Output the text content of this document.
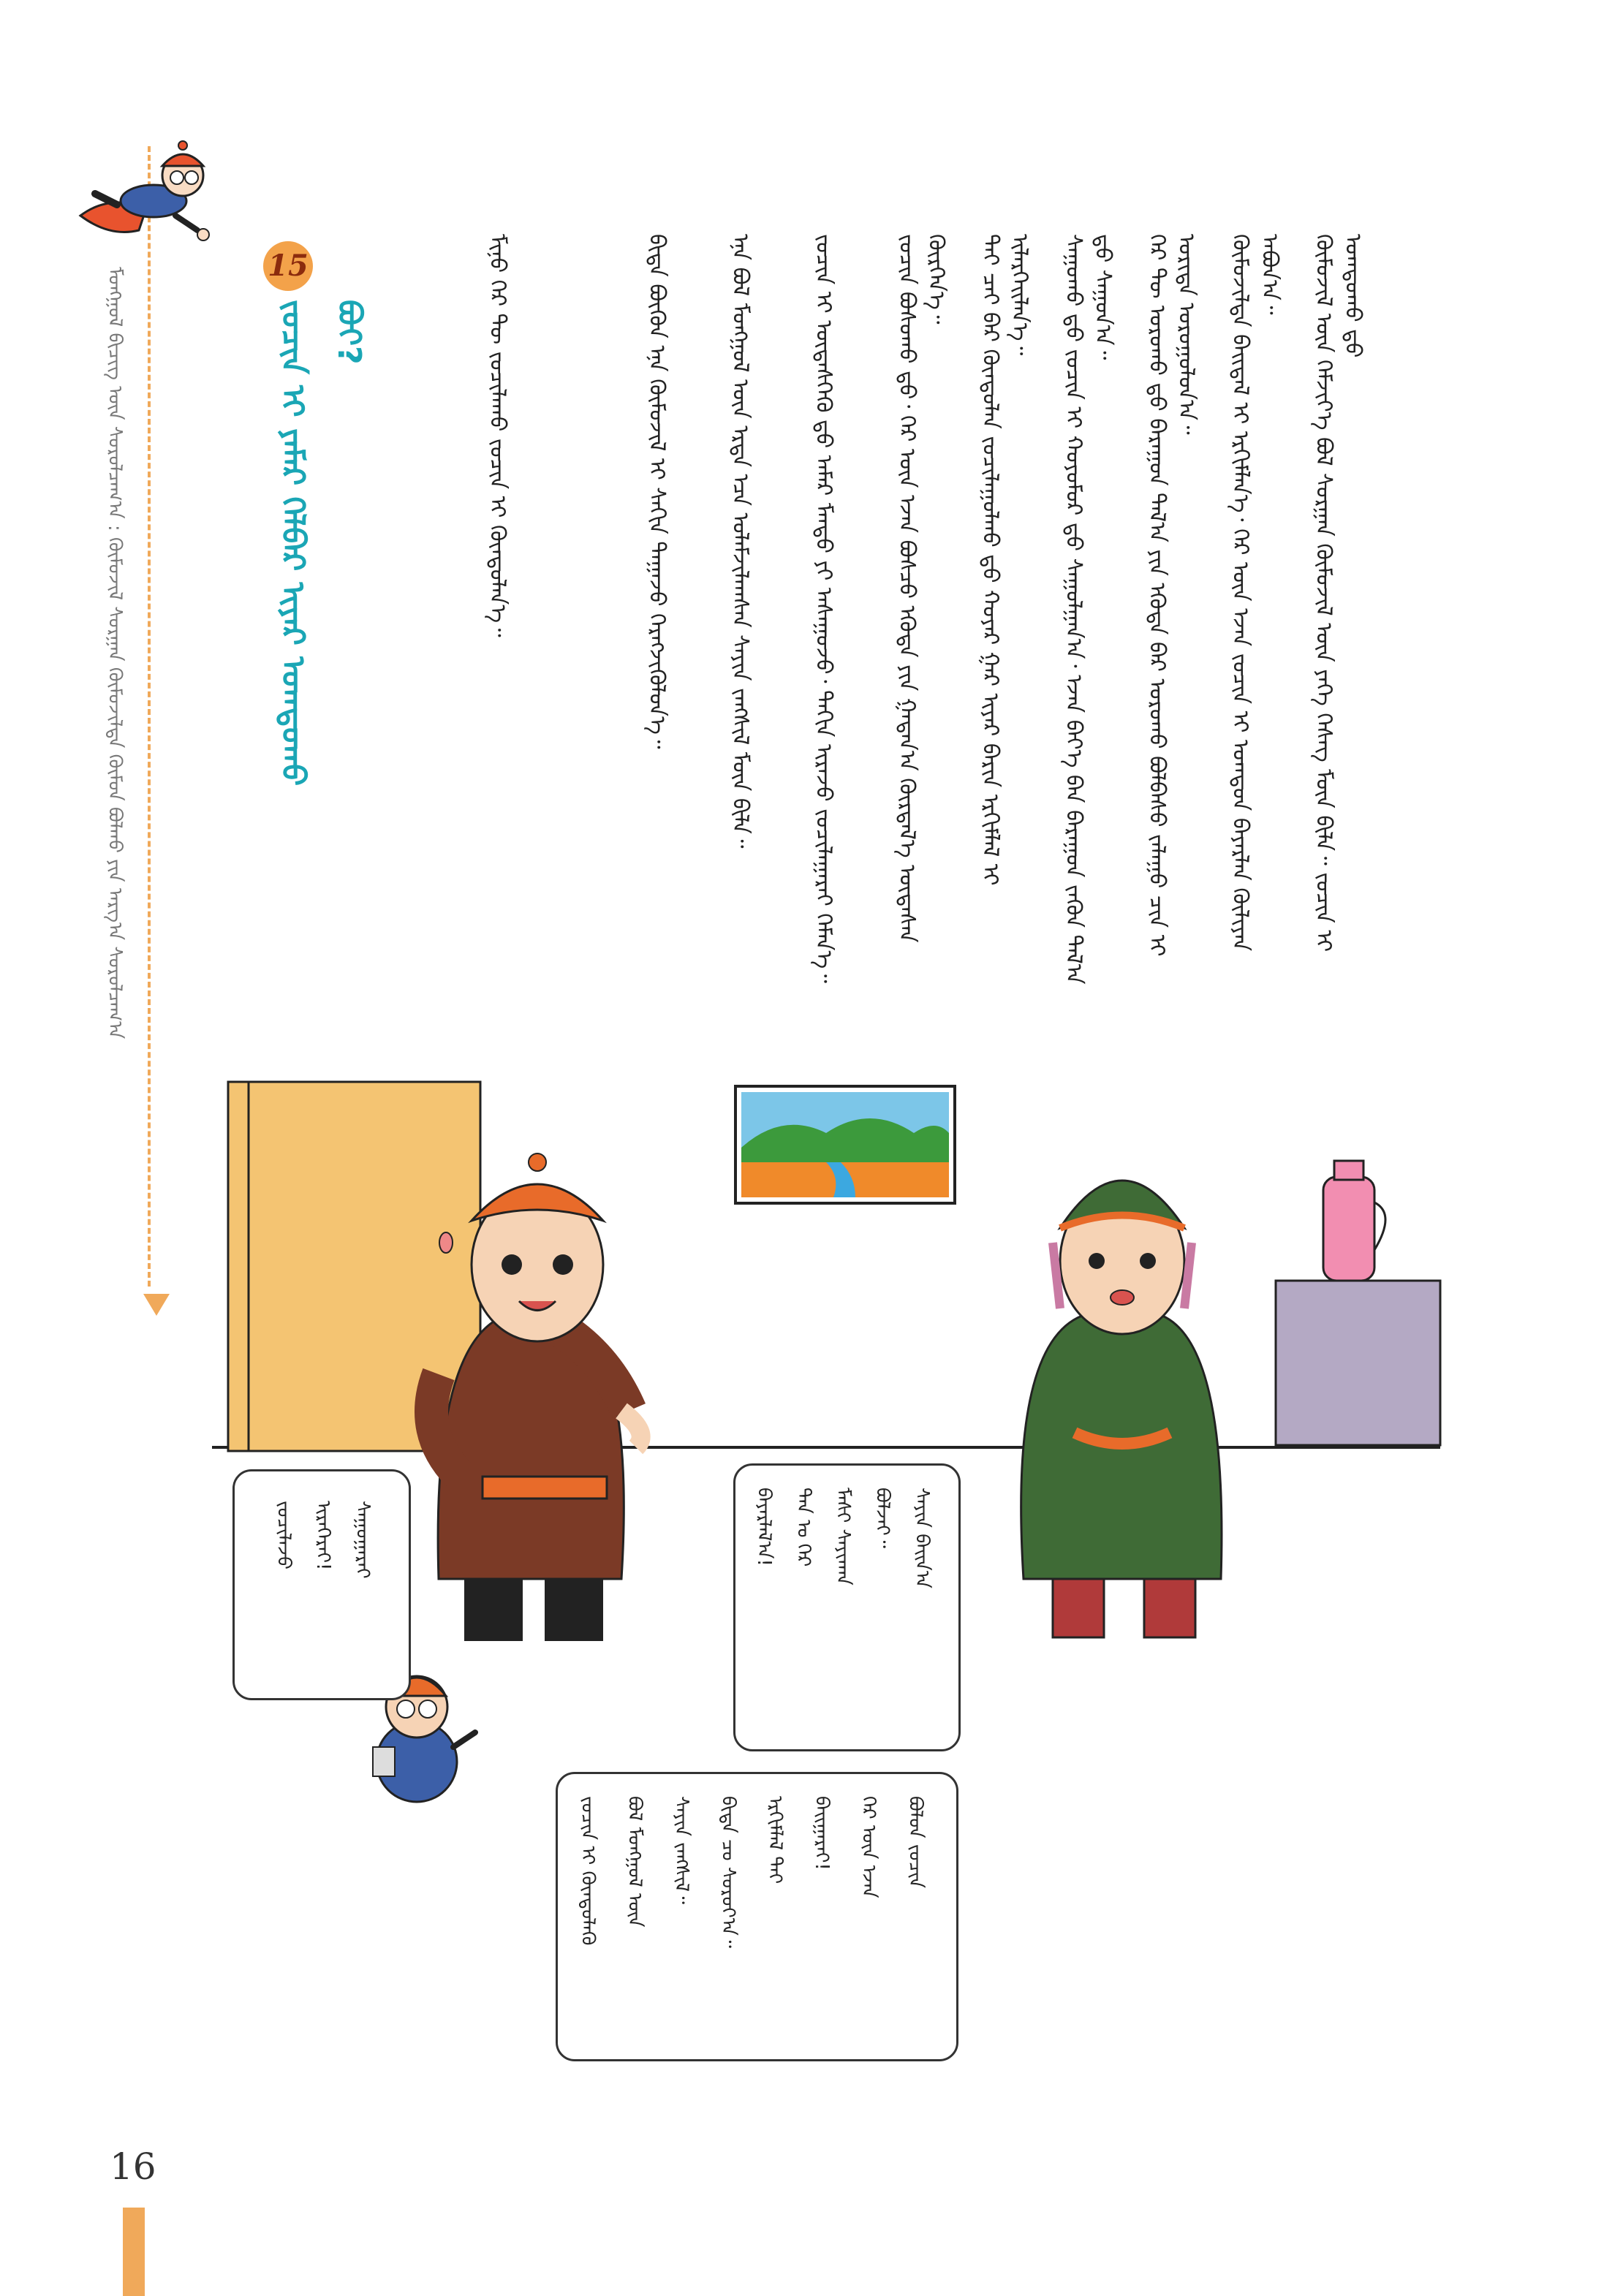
ᠮᠣᠩᠭᠣᠯ ᠪᠢᠴᠢᠭ᠌ ᠦᠨ ᠰᠤᠷᠤᠯᠴᠠᠭ᠎ᠠ : ᠬᠦᠮᠦᠵᠢᠯ ᠰᠤᠷᠭᠠᠨ ᠬᠦᠮᠦᠵᠢᠯᠲᠡ ᠬᠦᠮᠦᠨ ᠪᠣᠯᠬᠤ ᠶᠢᠨ ᠠᠷᠭ᠎ᠠ ᠰᠤᠷᠤᠯᠴᠠᠭ᠎ᠠ
15
ᠵᠣᠴᠢᠨ ᠢ ᠶᠠᠮᠠᠷ ᠬᠡᠯᠪᠡᠷ ᠢᠶᠡᠷ ᠤᠭᠲᠤᠬᠤ ᠪᠤᠢ?	ᠬᠦᠮᠦᠵᠢᠯ ᠦᠨ ᠬᠡᠮᠵᠢᠶ᠎ᠡ ᠪᠣᠯ ᠰᠤᠷᠭᠠᠨ ᠬᠦᠮᠦᠵᠢᠯ ᠦᠨ ᠶᠡᠬᠡ ᠬᠡᠰᠡᠭ ᠮᠥᠨ ᠪᠢᠯᠡ᠃ ᠵᠣᠴᠢᠨ ᠢ ᠤᠭᠲᠤᠬᠤ ᠳ᠋ᠤ
ᠬᠦᠮᠦᠵᠢᠯᠲᠡ ᠪᠠᠢᠳᠠᠯ ᠢ ᠡᠷᠬᠢᠮᠯᠡᠨ᠎ᠡ᠂ ᠭᠡᠷ ᠦᠨ ᠡᠵᠡᠨ ᠵᠣᠴᠢᠨ ᠢ ᠤᠭᠲᠤᠨ ᠪᠠᠶᠠᠷᠯᠠᠨ ᠬᠦᠯᠢᠶᠡᠨ ᠠᠪᠤᠨ᠎ᠠ᠃
ᠭᠡᠷ ᠲᠦ ᠣᠷᠣᠬᠤ ᠳ᠋ᠤ ᠪᠠᠷᠠᠭᠤᠨ ᠲᠠᠯ᠎ᠠ ᠶᠢᠨ ᠡᠭᠦᠳᠡ ᠪᠡᠷ ᠣᠷᠣᠬᠤ ᠪᠣᠯᠪᠠᠰᠤ ᠵᠠᠯᠠᠭᠤ ᠴᠢᠨ ᠢ ᠤᠷᠢᠳᠠ ᠣᠷᠣᠭᠤᠯᠤᠨ᠎ᠠ᠃
ᠰᠠᠭᠤᠬᠤ ᠳ᠋ᠤ ᠵᠣᠴᠢᠨ ᠢ ᠬᠣᠶᠣᠮᠣᠷ ᠳ᠋ᠤ ᠰᠠᠭᠤᠯᠭᠠᠨ᠎ᠠ᠂ ᠡᠵᠡᠨ ᠪᠡᠶ᠎ᠡ ᠪᠡᠨ ᠪᠠᠷᠠᠭᠤᠨ ᠵᠡᠭᠦᠨ ᠲᠠᠯ᠎ᠠ ᠳ᠋ᠤ ᠰᠠᠭᠤᠨ᠎ᠠ᠃
ᠳᠡᠢ ᠴᠠᠢ ᠪᠡᠷ ᠬᠦᠨᠳᠦᠯᠡᠨ ᠵᠣᠴᠢᠯᠠᠭᠤᠯᠬᠤ ᠳ᠋ᠤ ᠬᠣᠶᠠᠷ ᠭᠠᠷ ᠢᠶᠠᠷ ᠪᠠᠷᠢᠨ ᠡᠷᠬᠢᠮᠯᠡᠯ ᠢ ᠢᠯᠡᠷᠬᠡᠢᠯᠡᠨ᠎ᠡ᠃
ᠵᠣᠴᠢᠨ ᠪᠣᠰᠤᠬᠤ ᠳ᠋ᠤ᠂ ᠭᠡᠷ ᠦᠨ ᠡᠵᠡᠨ ᠪᠣᠰᠴᠤ ᠡᠭᠦᠳᠡ ᠶᠢᠨ ᠭᠠᠳᠠᠨ᠎ᠠ ᠬᠦᠷᠲᠡᠯ᠎ᠡ ᠦᠳᠡᠰᠡᠨ ᠬᠦᠷᠭᠡᠨ᠎ᠡ᠃
ᠵᠣᠴᠢᠨ ᠢ ᠦᠳᠡᠰᠬᠡᠬᠦ ᠳ᠋ᠤ ᠠᠮᠠᠷ ᠮᠡᠨᠳᠦ ᠶᠢ ᠠᠰᠠᠭᠤᠵᠤ᠂ ᠳᠠᠬᠢᠨ ᠢᠷᠡᠵᠦ ᠵᠣᠴᠢᠯᠠᠭᠠᠷᠠᠢ ᠬᠡᠮᠡᠨ᠎ᠡ᠃
ᠡᠨᠡ ᠪᠣᠯ ᠮᠣᠩᠭᠣᠯ ᠦᠨ ᠡᠷᠲᠡ ᠡᠴᠡ ᠤᠯᠠᠮᠵᠢᠯᠠᠭᠰᠠᠨ ᠰᠠᠶᠢᠨ ᠵᠠᠩᠱᠢᠯ ᠮᠥᠨ ᠪᠢᠯᠡ᠃
ᠪᠢᠳᠡ ᠪᠦᠬᠦᠨ ᠡᠨᠡ ᠬᠦᠮᠦᠵᠢᠯ ᠢ ᠰᠠᠬᠢᠨ ᠳᠠᠭᠠᠵᠤ ᠬᠡᠷᠡᠭᠵᠢᠭᠦᠯᠦᠨ᠎ᠡ᠃
ᠮᠢᠨᠤ ᠭᠡᠷ ᠲᠦ ᠵᠣᠴᠢᠯᠠᠬᠤ ᠵᠣᠴᠢᠨ ᠢ ᠬᠦᠨᠳᠦᠯᠡᠨ᠎ᠡ᠃
ᠵᠣᠴᠢᠯᠠᠵᠤ ᠢᠷᠡᠭᠡᠷᠡᠢ! ᠰᠠᠭᠤᠭᠠᠷᠠᠢ	ᠪᠠᠶᠠᠷᠯᠠᠯ᠎ᠠ! ᠲᠠᠨ ᠤ ᠭᠡᠷ ᠮᠠᠰᠢ ᠰᠠᠶᠢᠬᠠᠨ ᠪᠣᠯᠵᠠᠢ᠃ ᠰᠠᠶᠢᠨ ᠪᠠᠢᠨ᠎ᠠ
ᠵᠣᠴᠢᠨ ᠢ ᠬᠦᠨᠳᠦᠯᠡᠬᠦ ᠪᠣᠯ ᠮᠣᠩᠭᠣᠯ ᠦᠨ ᠰᠠᠶᠢᠨ ᠵᠠᠩᠱᠢᠯ᠃ ᠪᠢᠳᠡ ᠴᠤ ᠰᠤᠷᠤᠶ᠎ᠠ᠃ ᠡᠷᠬᠢᠮᠯᠡᠯ ᠲᠡᠢ ᠪᠠᠢᠭᠠᠷᠠᠢ! ᠭᠡᠷ ᠦᠨ ᠡᠵᠡᠨ ᠪᠣᠯᠣᠨ ᠵᠣᠴᠢᠨ
16
